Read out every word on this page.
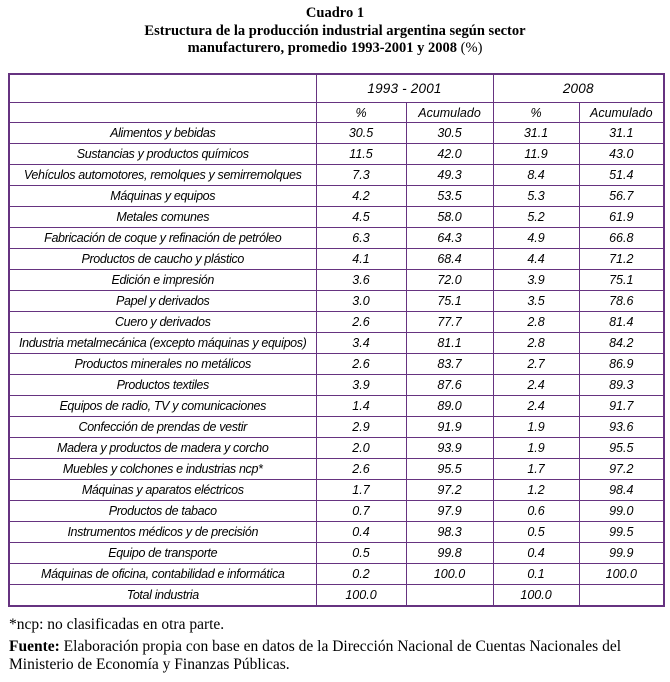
Cuadro 1
Estructura de la producción industrial argentina según sector
manufacturero, promedio 1993-2001 y 2008 (%)
	1993 - 2001		2008	
	%	Acumulado	%	Acumulado
Alimentos y bebidas	30.5	30.5	31.1	31.1
Sustancias y productos químicos	11.5	42.0	11.9	43.0
Vehículos automotores, remolques y semirremolques	7.3	49.3	8.4	51.4
Máquinas y equipos	4.2	53.5	5.3	56.7
Metales comunes	4.5	58.0	5.2	61.9
Fabricación de coque y refinación de petróleo	6.3	64.3	4.9	66.8
Productos de caucho y plástico	4.1	68.4	4.4	71.2
Edición e impresión	3.6	72.0	3.9	75.1
Papel y derivados	3.0	75.1	3.5	78.6
Cuero y derivados	2.6	77.7	2.8	81.4
Industria metalmecánica (excepto máquinas y equipos)	3.4	81.1	2.8	84.2
Productos minerales no metálicos	2.6	83.7	2.7	86.9
Productos textiles	3.9	87.6	2.4	89.3
Equipos de radio, TV y comunicaciones	1.4	89.0	2.4	91.7
Confección de prendas de vestir	2.9	91.9	1.9	93.6
Madera y productos de madera y corcho	2.0	93.9	1.9	95.5
Muebles y colchones e industrias ncp*	2.6	95.5	1.7	97.2
Máquinas y aparatos eléctricos	1.7	97.2	1.2	98.4
Productos de tabaco	0.7	97.9	0.6	99.0
Instrumentos médicos y de precisión	0.4	98.3	0.5	99.5
Equipo de transporte	0.5	99.8	0.4	99.9
Máquinas de oficina, contabilidad e informática	0.2	100.0	0.1	100.0
Total industria	100.0		100.0	
*ncp: no clasificadas en otra parte.
Fuente: Elaboración propia con base en datos de la Dirección Nacional de Cuentas Nacionales del Ministerio de Economía y Finanzas Públicas.
